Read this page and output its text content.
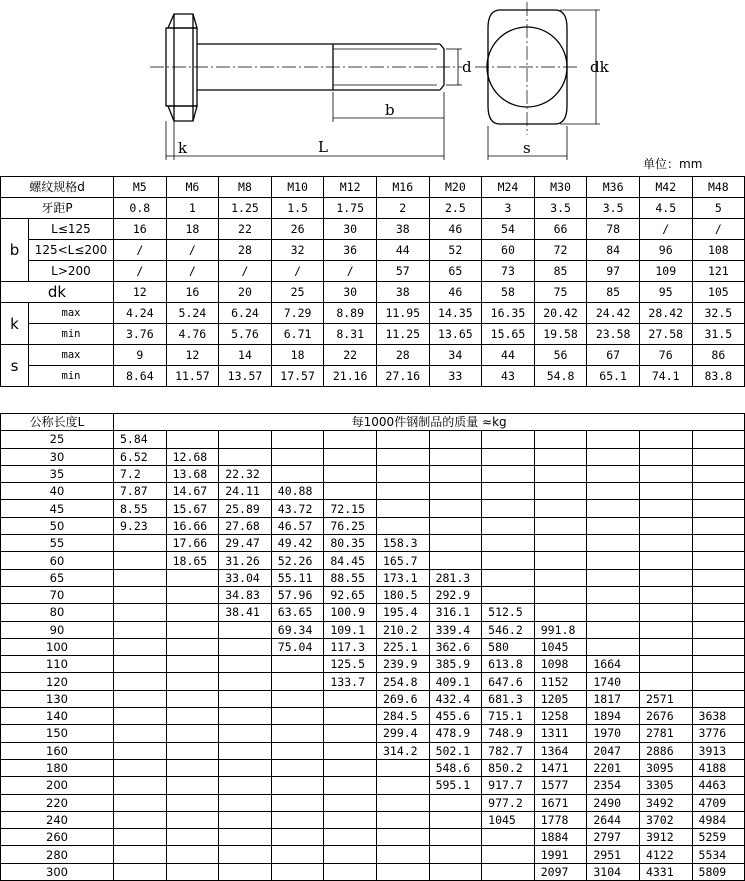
k	L
b
d	dk
s
单位：mm
螺纹规格d		M5	M6	M8	M10	M12	M16	M20	M24	M30	M36	M42	M48
牙距P		0.8	1	1.25	1.5	1.75	2	2.5	3	3.5	3.5	4.5	5
b	L≤125	16	18	22	26	30	38	46	54	66	78	/	/
	125<L≤200	/	/	28	32	36	44	52	60	72	84	96	108
	L>200	/	/	/	/	/	57	65	73	85	97	109	121
dk		12	16	20	25	30	38	46	58	75	85	95	105
k	max	4.24	5.24	6.24	7.29	8.89	11.95	14.35	16.35	20.42	24.42	28.42	32.5
	min	3.76	4.76	5.76	6.71	8.31	11.25	13.65	15.65	19.58	23.58	27.58	31.5
s	max	9	12	14	18	22	28	34	44	56	67	76	86
	min	8.64	11.57	13.57	17.57	21.16	27.16	33	43	54.8	65.1	74.1	83.8
公称长度L	每1000件钢制品的质量 ≈kg											
25	5.84											
30	6.52	12.68										
35	7.2	13.68	22.32									
40	7.87	14.67	24.11	40.88								
45	8.55	15.67	25.89	43.72	72.15							
50	9.23	16.66	27.68	46.57	76.25							
55		17.66	29.47	49.42	80.35	158.3						
60		18.65	31.26	52.26	84.45	165.7						
65			33.04	55.11	88.55	173.1	281.3					
70			34.83	57.96	92.65	180.5	292.9					
80			38.41	63.65	100.9	195.4	316.1	512.5				
90				69.34	109.1	210.2	339.4	546.2	991.8			
100				75.04	117.3	225.1	362.6	580	1045			
110					125.5	239.9	385.9	613.8	1098	1664		
120					133.7	254.8	409.1	647.6	1152	1740		
130						269.6	432.4	681.3	1205	1817	2571	
140						284.5	455.6	715.1	1258	1894	2676	3638
150						299.4	478.9	748.9	1311	1970	2781	3776
160						314.2	502.1	782.7	1364	2047	2886	3913
180							548.6	850.2	1471	2201	3095	4188
200							595.1	917.7	1577	2354	3305	4463
220								977.2	1671	2490	3492	4709
240								1045	1778	2644	3702	4984
260									1884	2797	3912	5259
280									1991	2951	4122	5534
300									2097	3104	4331	5809
